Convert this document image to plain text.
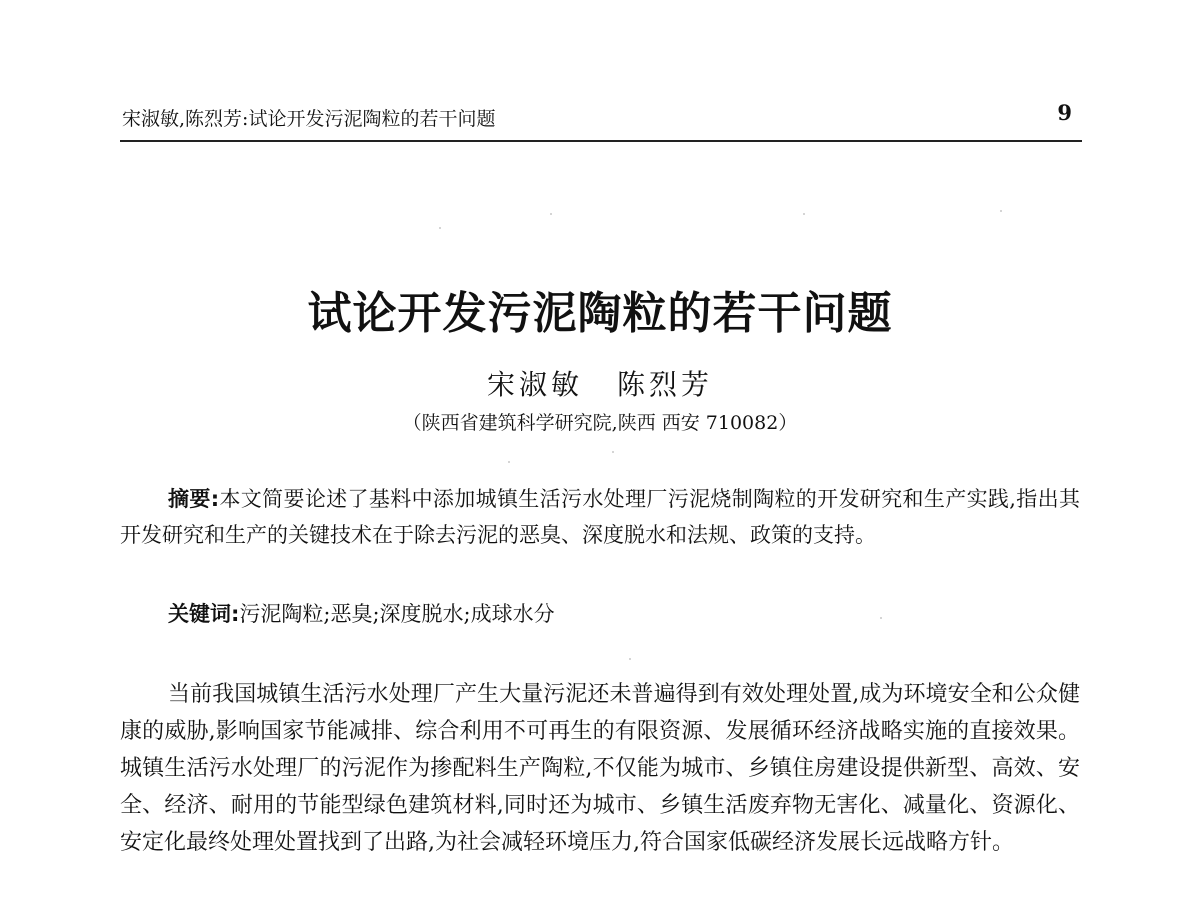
宋淑敏,陈烈芳:试论开发污泥陶粒的若干问题	9
试论开发污泥陶粒的若干问题
宋淑敏 陈烈芳
（陕西省建筑科学研究院,陕西 西安 710082）

摘要:本文简要论述了基料中添加城镇生活污水处理厂污泥烧制陶粒的开发研究和生产实践,指出其开发研究和生产的关键技术在于除去污泥的恶臭、深度脱水和法规、政策的支持。

关键词:污泥陶粒;恶臭;深度脱水;成球水分

当前我国城镇生活污水处理厂产生大量污泥还未普遍得到有效处理处置,成为环境安全和公众健康的威胁,影响国家节能减排、综合利用不可再生的有限资源、发展循环经济战略实施的直接效果。城镇生活污水处理厂的污泥作为掺配料生产陶粒,不仅能为城市、乡镇住房建设提供新型、高效、安全、经济、耐用的节能型绿色建筑材料,同时还为城市、乡镇生活废弃物无害化、减量化、资源化、安定化最终处理处置找到了出路,为社会减轻环境压力,符合国家低碳经济发展长远战略方针。
